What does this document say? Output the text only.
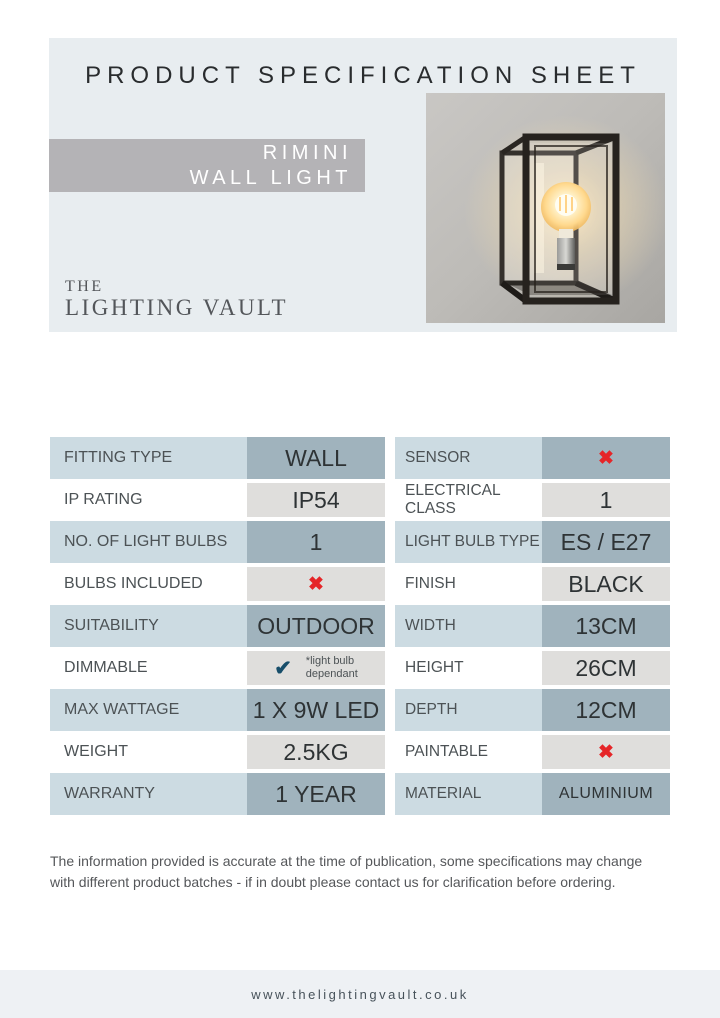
PRODUCT SPECIFICATION SHEET
RIMINI
WALL LIGHT
THE
LIGHTING VAULT
FITTING TYPE	WALL
IP RATING	IP54
NO. OF LIGHT BULBS	1
BULBS INCLUDED	✖
SUITABILITY	OUTDOOR
DIMMABLE	✔ *light bulb
dependant
MAX WATTAGE	1 X 9W LED
WEIGHT	2.5KG
WARRANTY	1 YEAR
SENSOR	✖
ELECTRICAL CLASS	1
LIGHT BULB TYPE ES / E27
FINISH	BLACK
WIDTH	13CM
HEIGHT	26CM
DEPTH	12CM
PAINTABLE	✖
MATERIAL	ALUMINIUM
The information provided is accurate at the time of publication, some specifications may change
with different product batches - if in doubt please contact us for clarification before ordering.
www.thelightingvault.co.uk
